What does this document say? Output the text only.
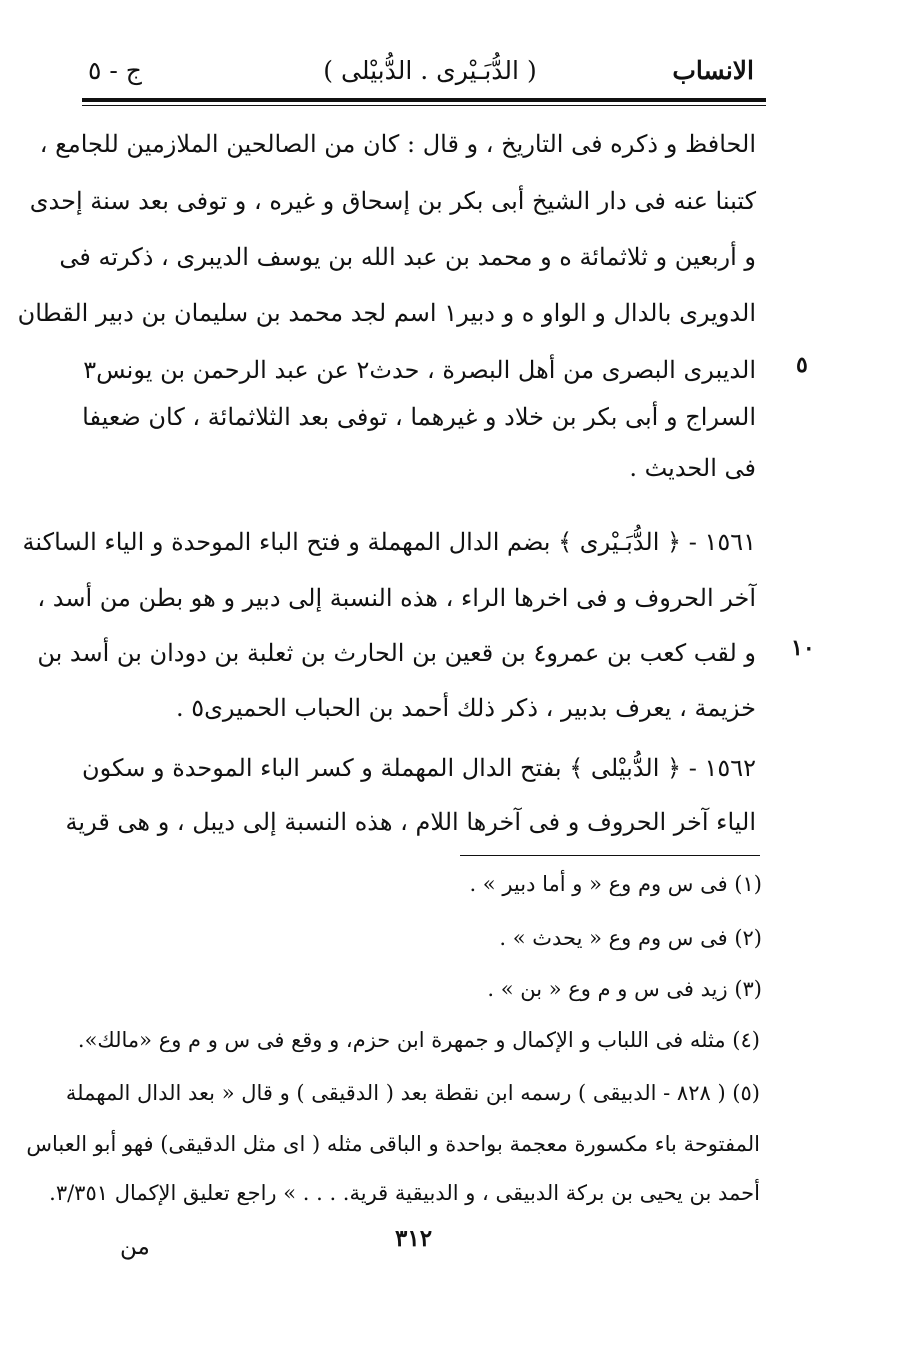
الانساب
( الدُّبَـيْرى . الدُّبيْلى )
ج - ٥
الحافظ و ذكره فى التاريخ ، و قال : كان من الصالحين الملازمين للجامع ،
كتبنا عنه فى دار الشيخ أبى بكر بن إسحاق و غيره ، و توفى بعد سنة إحدى
و أربعين و ثلاثمائة ه و محمد بن عبد الله بن يوسف الديبرى ، ذكرته فى
الدويرى بالدال و الواو ه و دبير١ اسم لجد محمد بن سليمان بن دبير القطان
الديبرى البصرى من أهل البصرة ، حدث٢ عن عبد الرحمن بن يونس٣
السراج و أبى بكر بن خلاد و غيرهما ، توفى بعد الثلاثمائة ، كان ضعيفا
فى الحديث .
١٥٦١ - ﴿ الدُّبَـيْرى ﴾ بضم الدال المهملة و فتح الباء الموحدة و الياء الساكنة
آخر الحروف و فى اخرها الراء ، هذه النسبة إلى دبير و هو بطن من أسد ،
و لقب كعب بن عمرو٤ بن قعين بن الحارث بن ثعلبة بن دودان بن أسد بن
خزيمة ، يعرف بدبير ، ذكر ذلك أحمد بن الحباب الحميرى٥ .
١٥٦٢ - ﴿ الدُّبيْلى ﴾ بفتح الدال المهملة و كسر الباء الموحدة و سكون
الياء آخر الحروف و فى آخرها اللام ، هذه النسبة إلى ديبل ، و هى قرية
٥
١٠
(١) فى س وم وع « و أما دبير » .
(٢) فى س وم وع « يحدث » .
(٣) زيد فى س و م وع « بن » .
(٤) مثله فى اللباب و الإكمال و جمهرة ابن حزم، و وقع فى س و م وع «مالك».
(٥) ( ٨٢٨ - الدبيقى ) رسمه ابن نقطة بعد ( الدقيقى ) و قال « بعد الدال المهملة
المفتوحة باء مكسورة معجمة بواحدة و الباقى مثله ( اى مثل الدقيقى) فهو أبو العباس
أحمد بن يحيى بن بركة الدبيقى ، و الدبيقية قرية. . . . » راجع تعليق الإكمال ٣/٣٥١.
٣١٢
من
